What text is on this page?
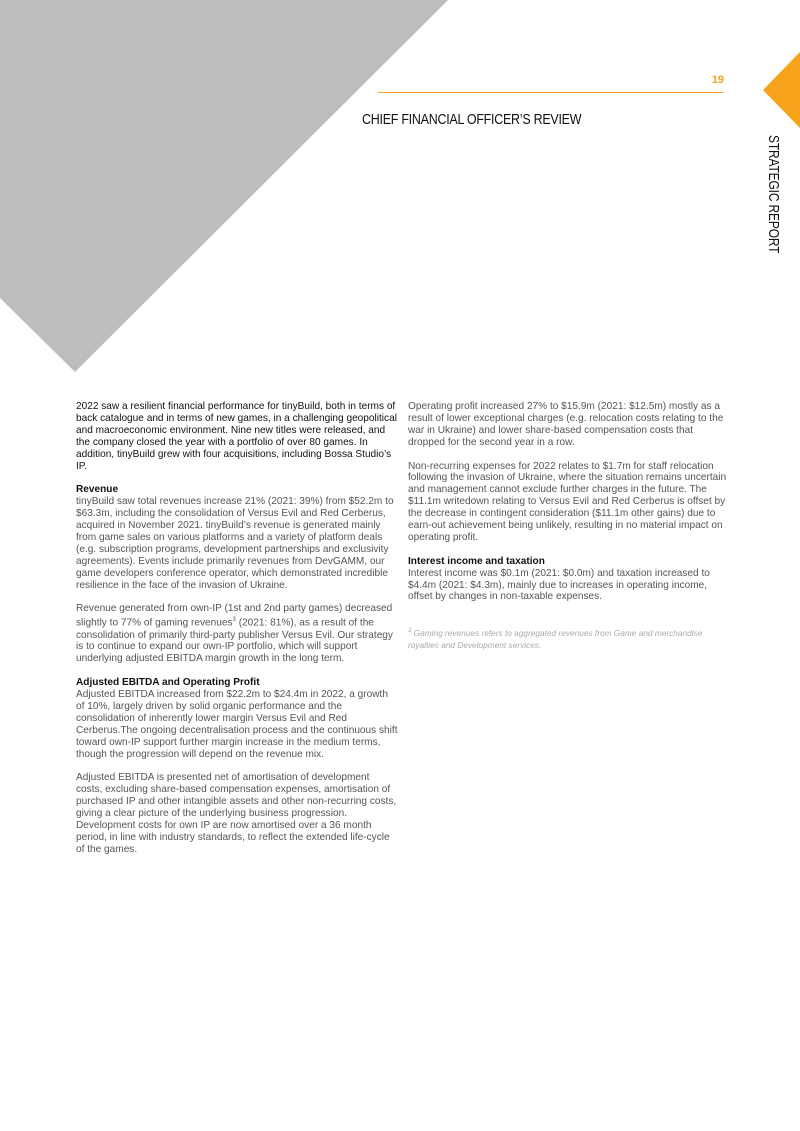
19
CHIEF FINANCIAL OFFICER’S REVIEW
STRATEGIC REPORT

2022 saw a resilient financial performance for tinyBuild, both in terms of back catalogue and in terms of new games, in a challenging geopolitical and macroeconomic environment. Nine new titles were released, and the company closed the year with a portfolio of over 80 games. In addition, tinyBuild grew with four acquisitions, including Bossa Studio’s IP.

Revenue

tinyBuild saw total revenues increase 21% (2021: 39%) from $52.2m to $63.3m, including the consolidation of Versus Evil and Red Cerberus, acquired in November 2021. tinyBuild’s revenue is generated mainly from game sales on various platforms and a variety of platform deals (e.g. subscription programs, development partnerships and exclusivity agreements). Events include primarily revenues from DevGAMM, our game developers conference operator, which demonstrated incredible resilience in the face of the invasion of Ukraine.

Revenue generated from own-IP (1st and 2nd party games) decreased slightly to 77% of gaming revenues$^3$ (2021: 81%), as a result of the consolidation of primarily third-party publisher Versus Evil. Our strategy is to continue to expand our own-IP portfolio, which will support underlying adjusted EBITDA margin growth in the long term.

Adjusted EBITDA and Operating Profit

Adjusted EBITDA increased from $22.2m to $24.4m in 2022, a growth of 10%, largely driven by solid organic performance and the consolidation of inherently lower margin Versus Evil and Red Cerberus.The ongoing decentralisation process and the continuous shift toward own-IP support further margin increase in the medium terms, though the progression will depend on the revenue mix.

Adjusted EBITDA is presented net of amortisation of development costs, excluding share-based compensation expenses, amortisation of purchased IP and other intangible assets and other non-recurring costs, giving a clear picture of the underlying business progression. Development costs for own IP are now amortised over a 36 month period, in line with industry standards, to reflect the extended life-cycle of the games.

Operating profit increased 27% to $15.9m (2021: $12.5m) mostly as a result of lower exceptional charges (e.g. relocation costs relating to the war in Ukraine) and lower share-based compensation costs that dropped for the second year in a row.

Non-recurring expenses for 2022 relates to $1.7m for staff relocation following the invasion of Ukraine, where the situation remains uncertain and management cannot exclude further charges in the future. The $11.1m writedown relating to Versus Evil and Red Cerberus is offset by the decrease in contingent consideration ($11.1m other gains) due to earn-out achievement being unlikely, resulting in no material impact on operating profit.

Interest income and taxation

Interest income was $0.1m (2021: $0.0m) and taxation increased to $4.4m (2021: $4.3m), mainly due to increases in operating income, offset by changes in non-taxable expenses.

$^3$ Gaming revenues refers to aggregated revenues from Game and merchandise royalties and Development services.
